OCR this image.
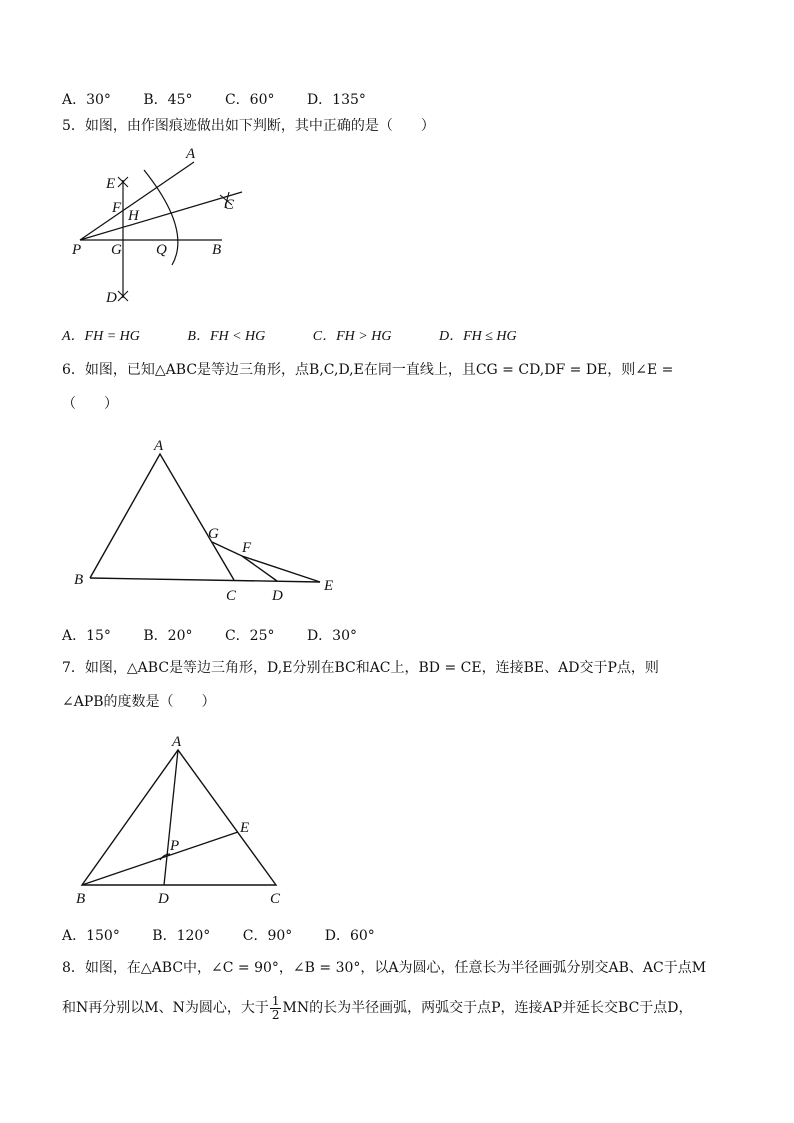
A．30° B．45° C．60° D．135°
5．如图，由作图痕迹做出如下判断，其中正确的是（　　）
A
E
F H
C
P G Q	B
D
A．FH = HG	B．FH < HG	C．FH > HG	D．FH ≤ HG
6．如图，已知△ABC是等边三角形，点B,C,D,E在同一直线上，且CG = CD,DF = DE，则∠E =
（　　）
A
G
F
B
C D
E
A．15° B．20° C．25° D．30°
7．如图，△ABC是等边三角形，D,E分别在BC和AC上，BD = CE，连接BE、AD交于P点，则
∠APB的度数是（　　）
A
E
P
B	D	C
A．150° B．120° C．90° D．60°
8．如图，在△ABC中，∠C = 90°，∠B = 30°，以A为圆心，任意长为半径画弧分别交AB、AC于点M
和N再分别以M、N为圆心，大于 $\frac{1}{2}$ MN的长为半径画弧，两弧交于点P，连接AP并延长交BC于点D，
